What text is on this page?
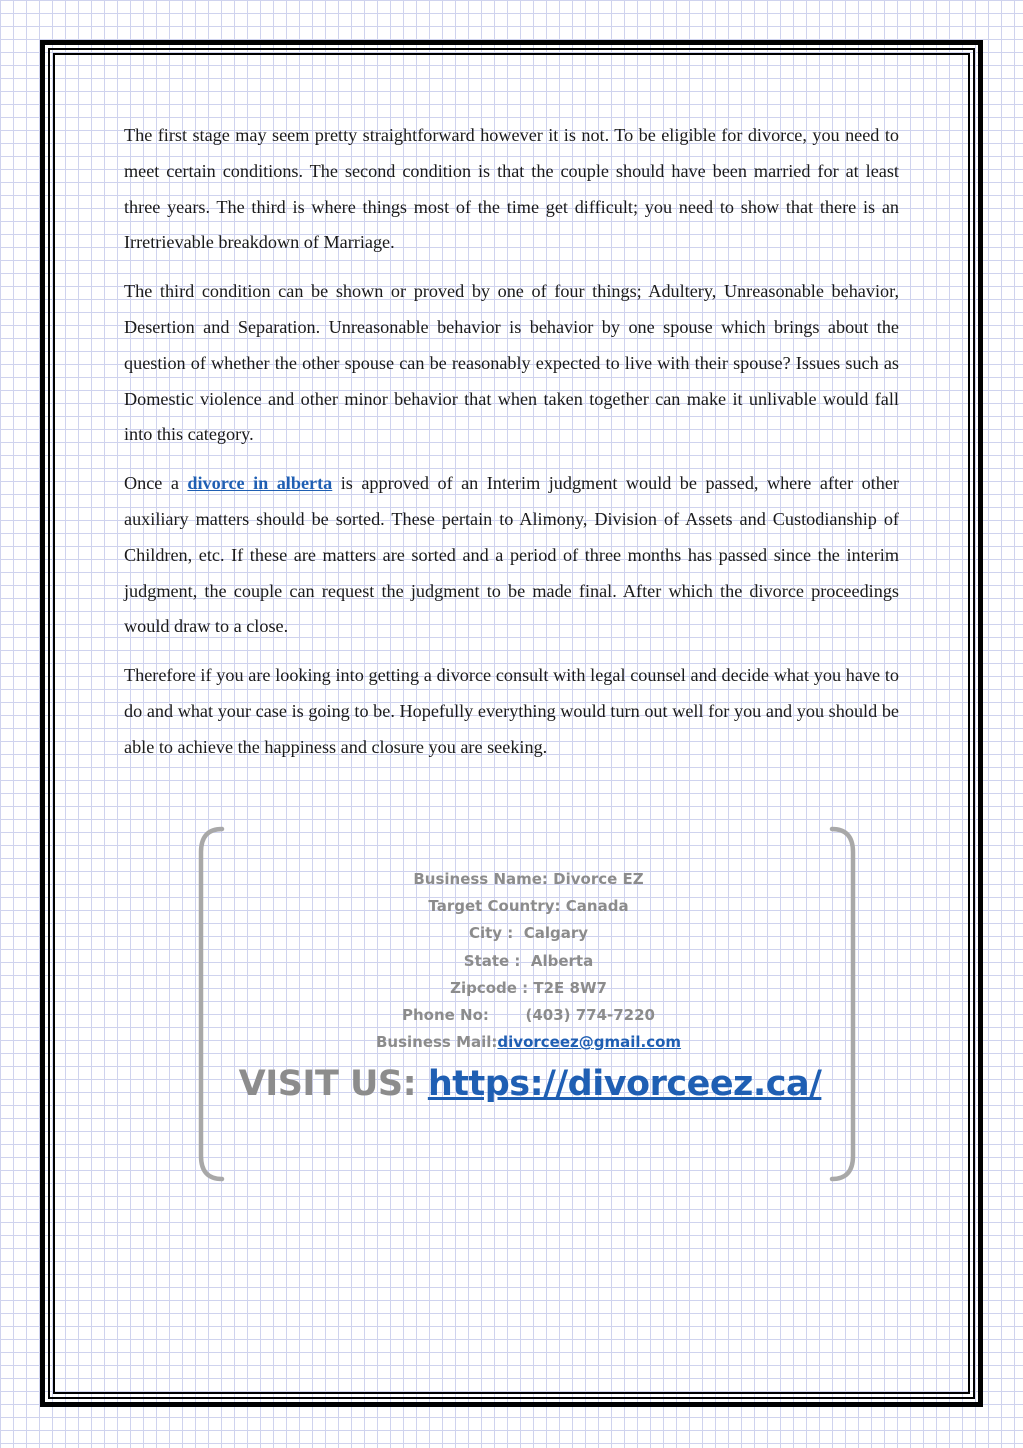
The first stage may seem pretty straightforward however it is not. To be eligible for divorce, you need to meet certain conditions. The second condition is that the couple should have been married for at least three years. The third is where things most of the time get difficult; you need to show that there is an Irretrievable breakdown of Marriage.

The third condition can be shown or proved by one of four things; Adultery, Unreasonable behavior, Desertion and Separation. Unreasonable behavior is behavior by one spouse which brings about the question of whether the other spouse can be reasonably expected to live with their spouse? Issues such as Domestic violence and other minor behavior that when taken together can make it unlivable would fall into this category.

Once a divorce in alberta is approved of an Interim judgment would be passed, where after other auxiliary matters should be sorted. These pertain to Alimony, Division of Assets and Custodianship of Children, etc. If these are matters are sorted and a period of three months has passed since the interim judgment, the couple can request the judgment to be made final. After which the divorce proceedings would draw to a close.

Therefore if you are looking into getting a divorce consult with legal counsel and decide what you have to do and what your case is going to be. Hopefully everything would turn out well for you and you should be able to achieve the happiness and closure you are seeking.

Business Name: Divorce EZ
Target Country: Canada
City :  Calgary
State :  Alberta
Zipcode : T2E 8W7
Phone No:       (403) 774-7220
Business Mail:divorceez@gmail.com
VISIT US: https://divorceez.ca/
